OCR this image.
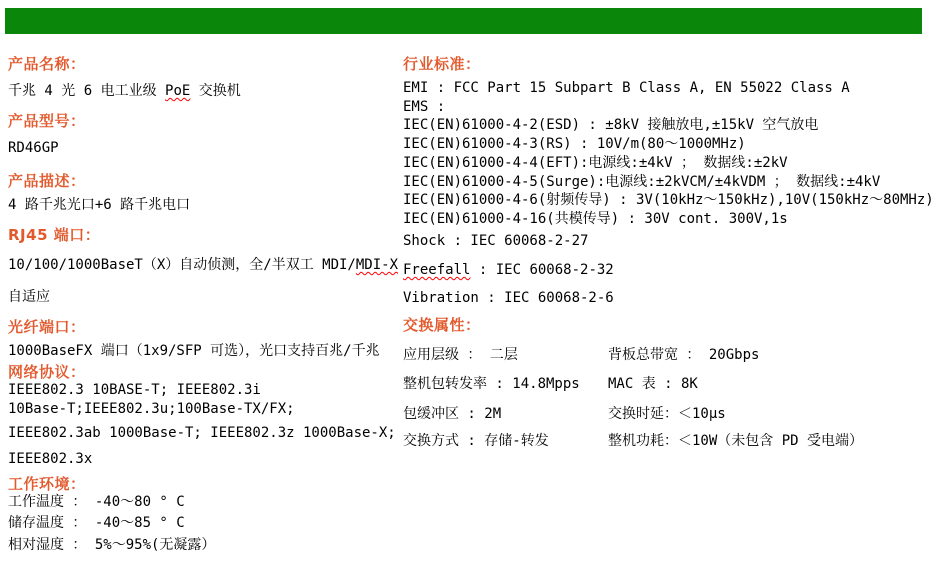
◎产品技术指标

产品名称：
千兆 4 光 6 电工业级 PoE 交换机
产品型号：
RD46GP
产品描述：
4 路千兆光口+6 路千兆电口
RJ45 端口：
10/100/1000BaseT（X）自动侦测，全/半双工 MDI/MDI-X
自适应
光纤端口：
1000BaseFX 端口（1x9/SFP 可选），光口支持百兆/千兆
网络协议：
IEEE802.3 10BASE-T; IEEE802.3i
10Base-T;IEEE802.3u;100Base-TX/FX;
IEEE802.3ab 1000Base-T; IEEE802.3z 1000Base-X;
IEEE802.3x
工作环境：
工作温度 ： -40～80 ° C
储存温度 ： -40～85 ° C
相对湿度 ： 5%～95%(无凝露）
行业标准：
EMI : FCC Part 15 Subpart B Class A, EN 55022 Class A
EMS :
IEC(EN)61000-4-2(ESD) : ±8kV 接触放电,±15kV 空气放电
IEC(EN)61000-4-3(RS) : 10V/m(80～1000MHz)
IEC(EN)61000-4-4(EFT):电源线:±4kV ； 数据线:±2kV
IEC(EN)61000-4-5(Surge):电源线:±2kVCM/±4kVDM ； 数据线:±4kV
IEC(EN)61000-4-6(射频传导) : 3V(10kHz～150kHz),10V(150kHz～80MHz)
IEC(EN)61000-4-16(共模传导) : 30V cont. 300V,1s
Shock : IEC 60068-2-27
Freefall : IEC 60068-2-32
Vibration : IEC 60068-2-6
交换属性：
应用层级 ： 二层	背板总带宽 ： 20Gbps
整机包转发率 : 14.8Mpps MAC 表 : 8K
包缓冲区 : 2M	交换时延：＜10μs
交换方式 : 存储-转发	整机功耗：＜10W（未包含 PD 受电端）
